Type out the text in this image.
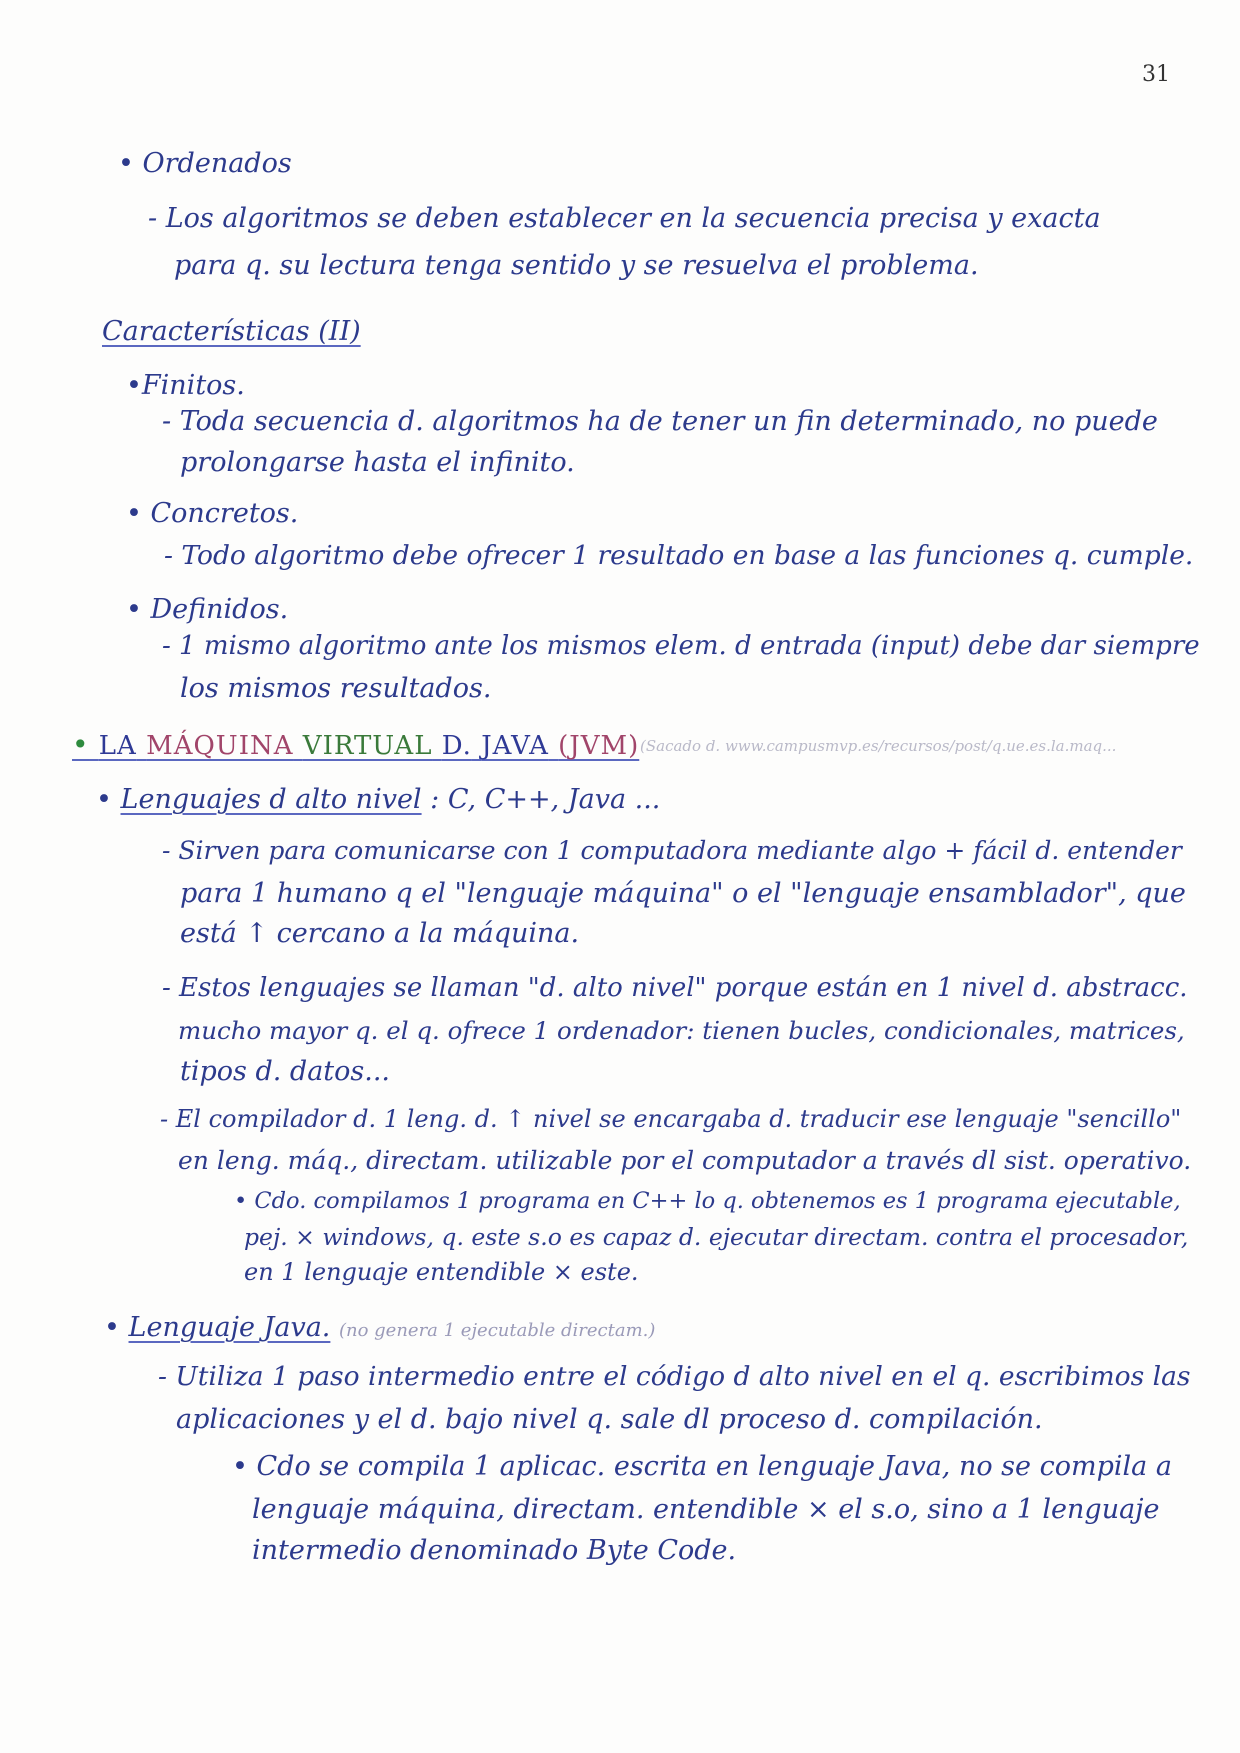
31
• Ordenados
- Los algoritmos se deben establecer en la secuencia precisa y exacta
para q. su lectura tenga sentido y se resuelva el problema.
Características (II)
•Finitos.
- Toda secuencia d. algoritmos ha de tener un fin determinado, no puede
prolongarse hasta el infinito.
• Concretos.
- Todo algoritmo debe ofrecer 1 resultado en base a las funciones q. cumple.
• Definidos.
- 1 mismo algoritmo ante los mismos elem. d entrada (input) debe dar siempre
los mismos resultados.
• LA MÁQUINA VIRTUAL D. JAVA (JVM) (Sacado d. www.campusmvp.es/recursos/post/q.ue.es.la.maq...
• Lenguajes d alto nivel : C, C++, Java ...
- Sirven para comunicarse con 1 computadora mediante algo + fácil d. entender
para 1 humano q el "lenguaje máquina" o el "lenguaje ensamblador", que
está ↑ cercano a la máquina.
- Estos lenguajes se llaman "d. alto nivel" porque están en 1 nivel d. abstracc.
mucho mayor q. el q. ofrece 1 ordenador: tienen bucles, condicionales, matrices,
tipos d. datos...
- El compilador d. 1 leng. d. ↑ nivel se encargaba d. traducir ese lenguaje "sencillo"
en leng. máq., directam. utilizable por el computador a través dl sist. operativo.
• Cdo. compilamos 1 programa en C++ lo q. obtenemos es 1 programa ejecutable,
pej. × windows, q. este s.o es capaz d. ejecutar directam. contra el procesador,
en 1 lenguaje entendible × este.
• Lenguaje Java. (no genera 1 ejecutable directam.)
- Utiliza 1 paso intermedio entre el código d alto nivel en el q. escribimos las
aplicaciones y el d. bajo nivel q. sale dl proceso d. compilación.
• Cdo se compila 1 aplicac. escrita en lenguaje Java, no se compila a
lenguaje máquina, directam. entendible × el s.o, sino a 1 lenguaje
intermedio denominado Byte Code.
